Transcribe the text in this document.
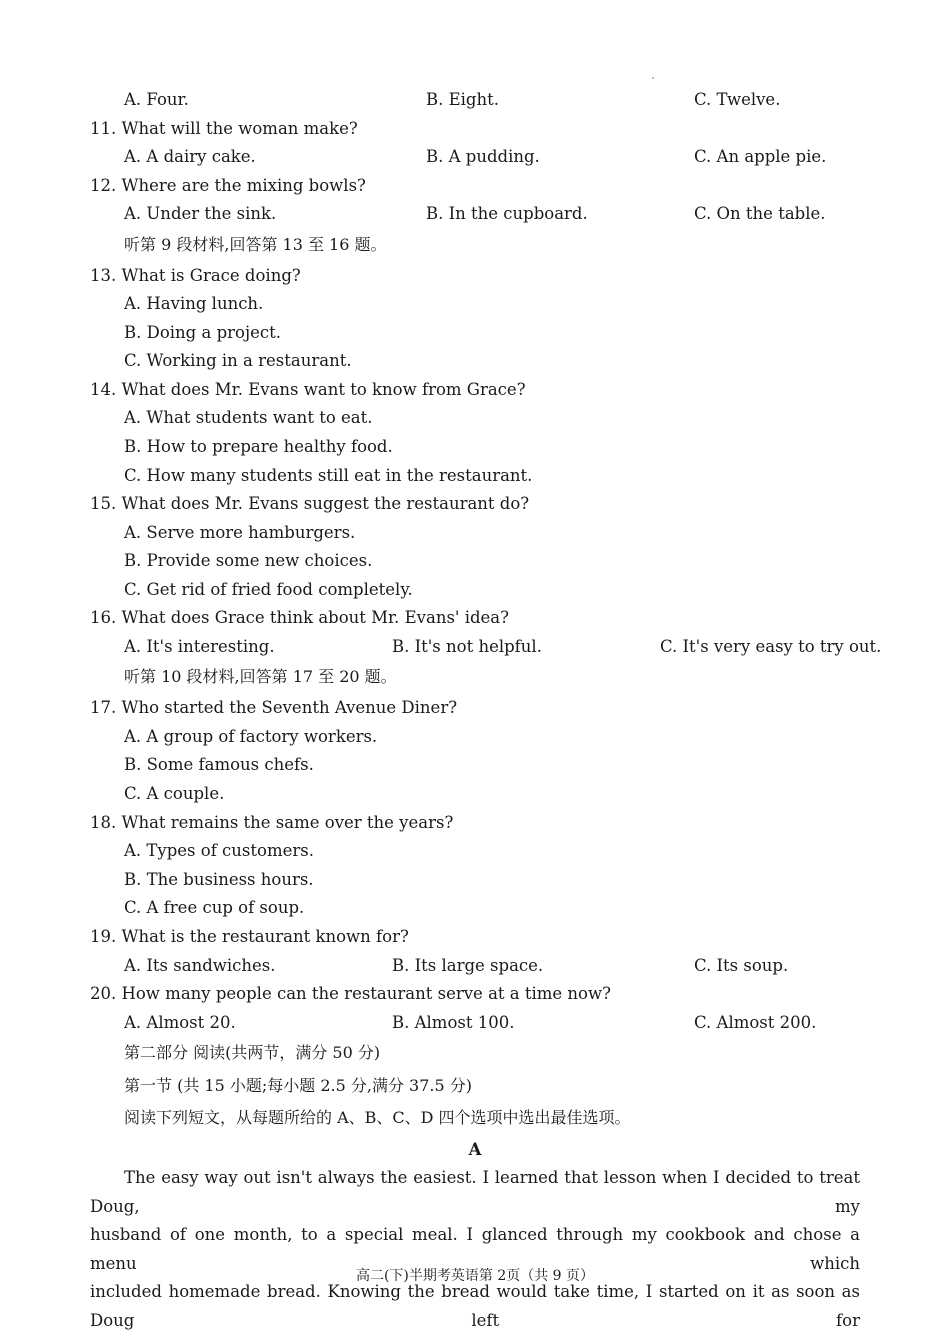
A. Four.	B. Eight.	C. Twelve.
11. What will the woman make?
A. A dairy cake.	B. A pudding.	C. An apple pie.
12. Where are the mixing bowls?
A. Under the sink.	B. In the cupboard.	C. On the table.
听第 9 段材料,回答第 13 至 16 题。
13. What is Grace doing?
A. Having lunch.
B. Doing a project.
C. Working in a restaurant.
14. What does Mr. Evans want to know from Grace?
A. What students want to eat.
B. How to prepare healthy food.
C. How many students still eat in the restaurant.
15. What does Mr. Evans suggest the restaurant do?
A. Serve more hamburgers.
B. Provide some new choices.
C. Get rid of fried food completely.
16. What does Grace think about Mr. Evans' idea?
A. It's interesting.	B. It's not helpful.	C. It's very easy to try out.
听第 10 段材料,回答第 17 至 20 题。
17. Who started the Seventh Avenue Diner?
A. A group of factory workers.
B. Some famous chefs.
C. A couple.
18. What remains the same over the years?
A. Types of customers.
B. The business hours.
C. A free cup of soup.
19. What is the restaurant known for?
A. Its sandwiches.	B. Its large space.	C. Its soup.
20. How many people can the restaurant serve at a time now?
A. Almost 20.	B. Almost 100.	C. Almost 200.
第二部分 阅读(共两节，满分 50 分)
第一节 (共 15 小题;每小题 2.5 分,满分 37.5 分)
阅读下列短文，从每题所给的 A、B、C、D 四个选项中选出最佳选项。
A

The easy way out isn't always the easiest. I learned that lesson when I decided to treat Doug, my

husband of one month, to a special meal. I glanced through my cookbook and chose a menu which

included homemade bread. Knowing the bread would take time, I started on it as soon as Doug left for

高二(下)半期考英语第 2页（共 9 页）
